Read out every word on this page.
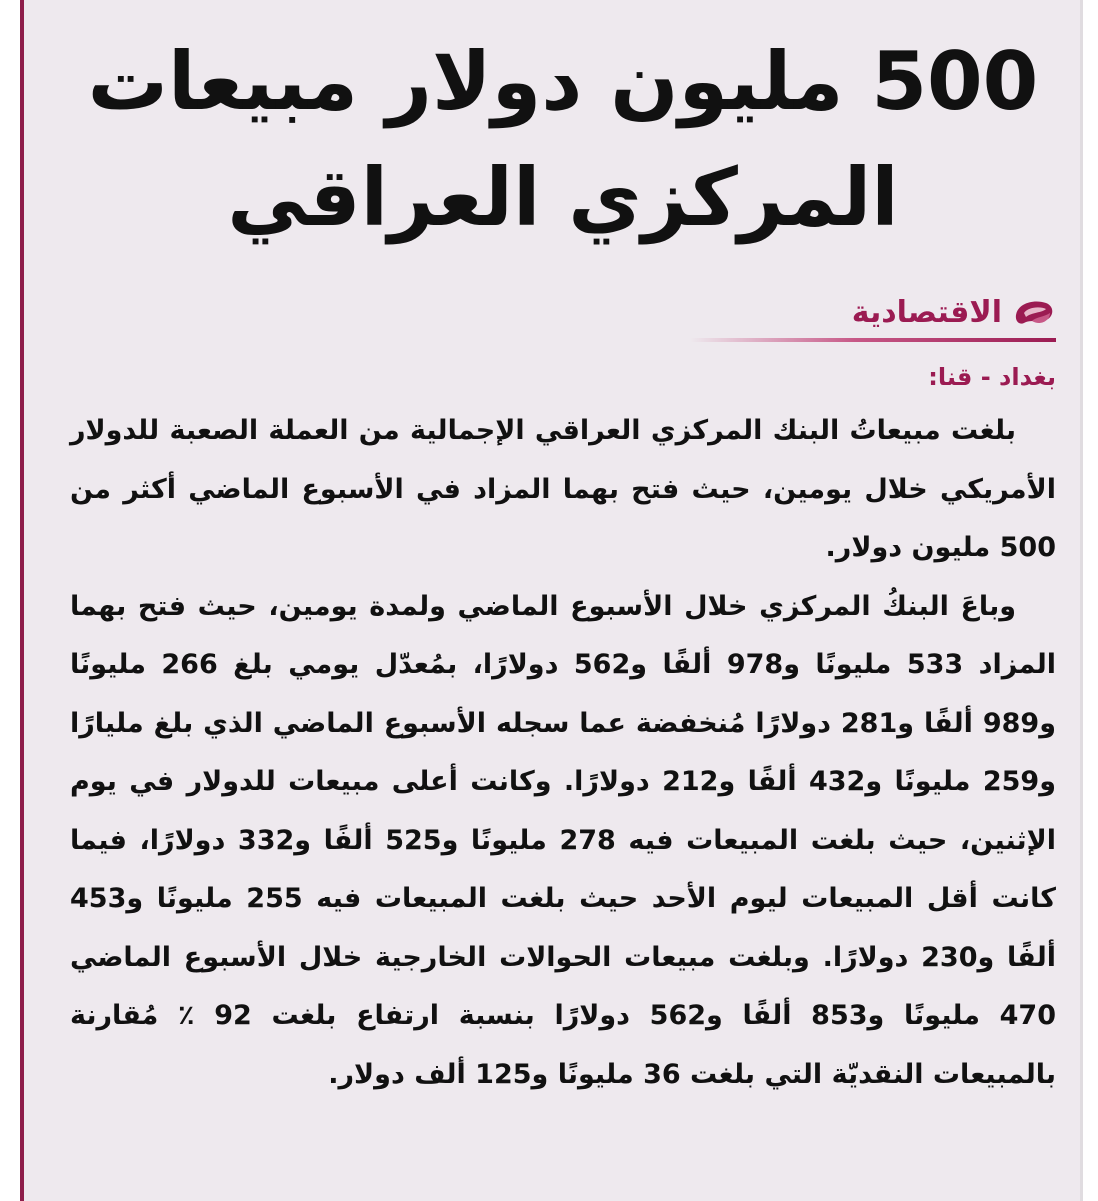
500 مليون دولار مبيعات
المركزي العراقي
الاقتصادية
بغداد - قنا:

بلغت مبيعاتُ البنك المركزي العراقي الإجمالية من العملة الصعبة للدولار الأمريكي خلال يومين، حيث فتح بهما المزاد في الأسبوع الماضي أكثر من 500 مليون دولار.

وباعَ البنكُ المركزي خلال الأسبوع الماضي ولمدة يومين، حيث فتح بهما المزاد 533 مليونًا و978 ألفًا و562 دولارًا، بمُعدّل يومي بلغ 266 مليونًا و989 ألفًا و281 دولارًا مُنخفضة عما سجله الأسبوع الماضي الذي بلغ مليارًا و259 مليونًا و432 ألفًا و212 دولارًا. وكانت أعلى مبيعات للدولار في يوم الإثنين، حيث بلغت المبيعات فيه 278 مليونًا و525 ألفًا و332 دولارًا، فيما كانت أقل المبيعات ليوم الأحد حيث بلغت المبيعات فيه 255 مليونًا و453 ألفًا و230 دولارًا. وبلغت مبيعات الحوالات الخارجية خلال الأسبوع الماضي 470 مليونًا و853 ألفًا و562 دولارًا بنسبة ارتفاع بلغت 92 ٪ مُقارنة بالمبيعات النقديّة التي بلغت 36 مليونًا و125 ألف دولار.
